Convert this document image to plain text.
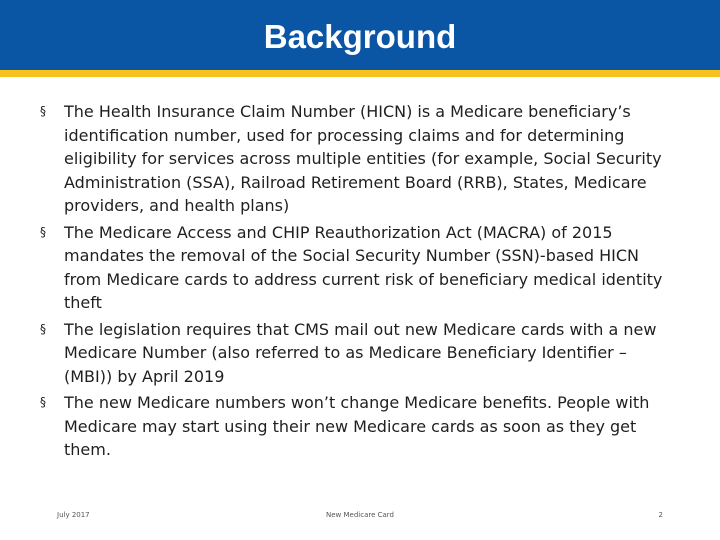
Background
§ The Health Insurance Claim Number (HICN) is a Medicare beneficiary’s identification number, used for processing claims and for determining eligibility for services across multiple entities (for example, Social Security Administration (SSA), Railroad Retirement Board (RRB), States, Medicare providers, and health plans)
§ The Medicare Access and CHIP Reauthorization Act (MACRA) of 2015 mandates the removal of the Social Security Number (SSN)-based HICN from Medicare cards to address current risk of beneficiary medical identity theft
§ The legislation requires that CMS mail out new Medicare cards with a new Medicare Number (also referred to as Medicare Beneficiary Identifier – (MBI)) by April 2019
§ The new Medicare numbers won’t change Medicare benefits. People with Medicare may start using their new Medicare cards as soon as they get them.
July 2017	New Medicare Card	2
